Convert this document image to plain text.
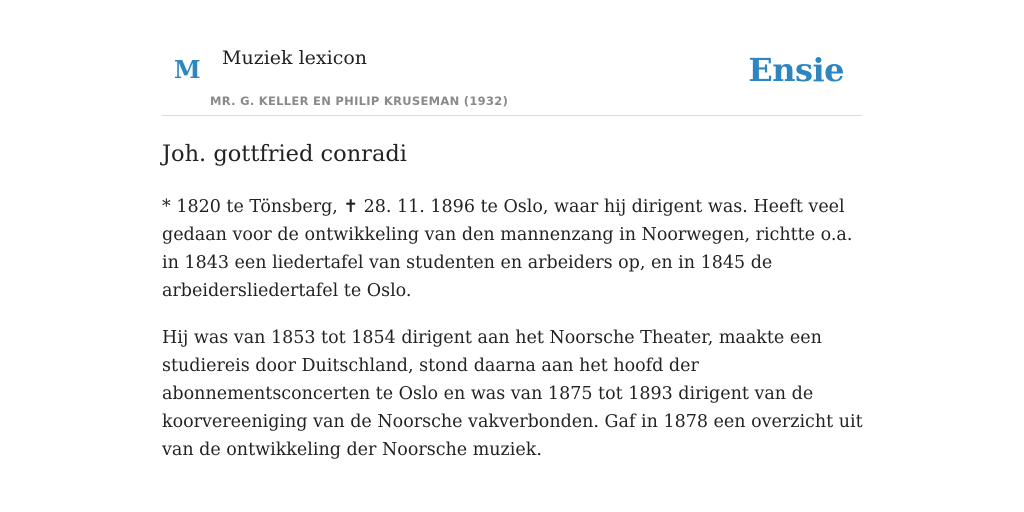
M Muziek lexicon
MR. G. KELLER EN PHILIP KRUSEMAN (1932)
Ensie
Joh. gottfried conradi

* 1820 te Tönsberg, ✝ 28. 11. 1896 te Oslo, waar hij dirigent was. Heeft veel gedaan voor de ontwikkeling van den mannenzang in Noorwegen, richtte o.a. in 1843 een liedertafel van studenten en arbeiders op, en in 1845 de arbeidersliedertafel te Oslo.

Hij was van 1853 tot 1854 dirigent aan het Noorsche Theater, maakte een studiereis door Duitschland, stond daarna aan het hoofd der abonnementsconcerten te Oslo en was van 1875 tot 1893 dirigent van de koorvereeniging van de Noorsche vakverbonden. Gaf in 1878 een overzicht uit van de ontwikkeling der Noorsche muziek.
